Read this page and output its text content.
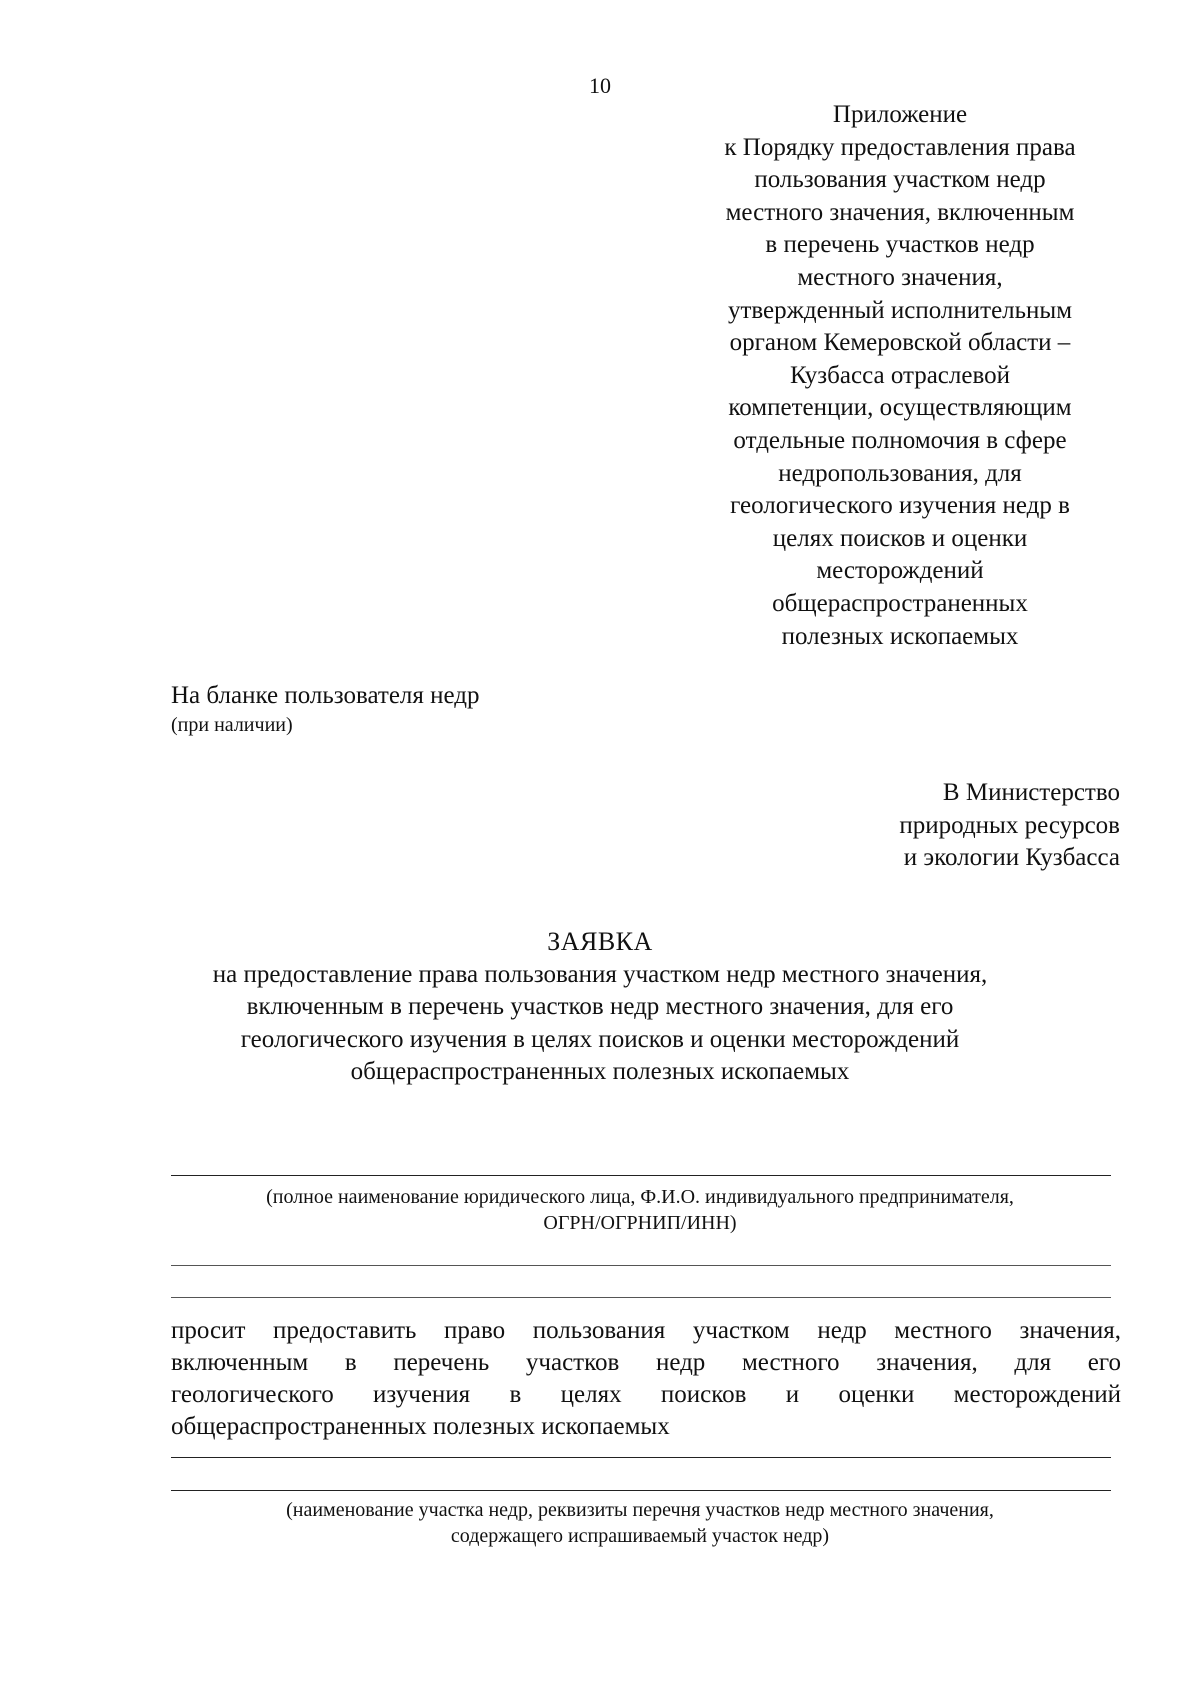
10
Приложение
к Порядку предоставления права
пользования участком недр
местного значения, включенным
в перечень участков недр
местного значения,
утвержденный исполнительным
органом Кемеровской области –
Кузбасса отраслевой
компетенции, осуществляющим
отдельные полномочия в сфере
недропользования, для
геологического изучения недр в
целях поисков и оценки
месторождений
общераспространенных
полезных ископаемых
На бланке пользователя недр
(при наличии)
В Министерство
природных ресурсов
и экологии Кузбасса
ЗАЯВКА
на предоставление права пользования участком недр местного значения,
включенным в перечень участков недр местного значения, для его
геологического изучения в целях поисков и оценки месторождений
общераспространенных полезных ископаемых
(полное наименование юридического лица, Ф.И.О. индивидуального предпринимателя,
ОГРН/ОГРНИП/ИНН)
просит предоставить право пользования участком недр местного значения,
включенным в перечень участков недр местного значения, для его
геологического изучения в целях поисков и оценки месторождений
общераспространенных полезных ископаемых
(наименование участка недр, реквизиты перечня участков недр местного значения,
содержащего испрашиваемый участок недр)
